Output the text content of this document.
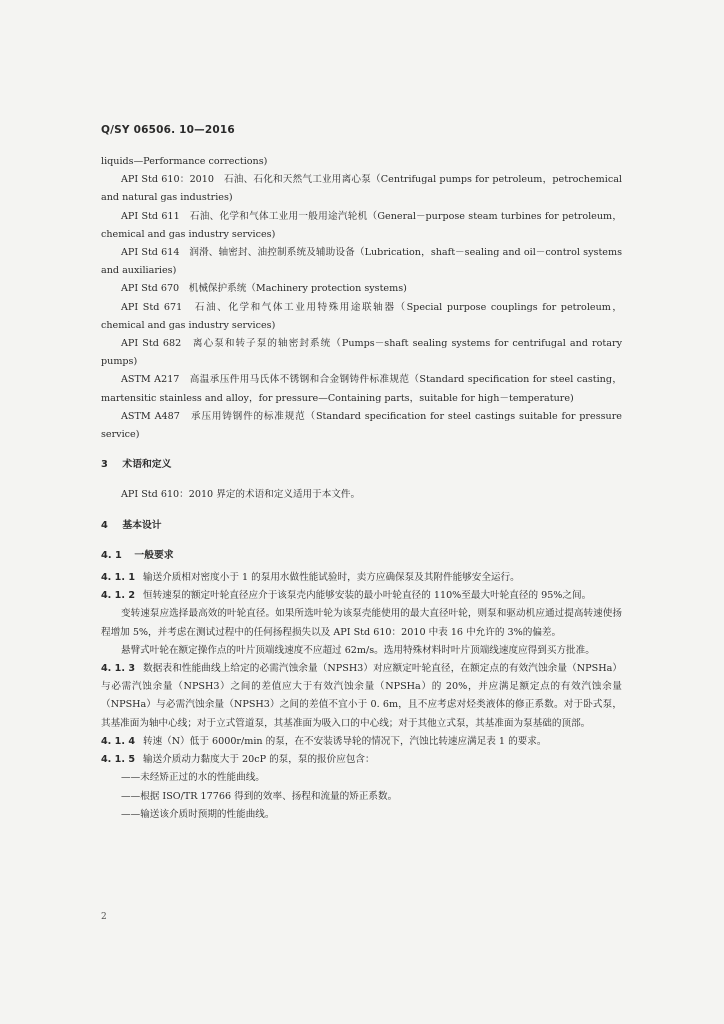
Q/SY 06506. 10—2016

liquids—Performance corrections)

API Std 610：2010　石油、石化和天然气工业用离心泵（Centrifugal pumps for petroleum，petrochemical and natural gas industries)

API Std 611　石油、化学和气体工业用一般用途汽轮机（General－purpose steam turbines for petroleum，chemical and gas industry services)

API Std 614　润滑、轴密封、油控制系统及辅助设备（Lubrication，shaft－sealing and oil－control systems and auxiliaries)

API Std 670　机械保护系统（Machinery protection systems)

API Std 671　石油、化学和气体工业用特殊用途联轴器（Special purpose couplings for petroleum，chemical and gas industry services)

API Std 682　离心泵和转子泵的轴密封系统（Pumps－shaft sealing systems for centrifugal and rotary pumps)

ASTM A217　高温承压件用马氏体不锈钢和合金钢铸件标准规范（Standard specification for steel casting，martensitic stainless and alloy，for pressure—Containing parts，suitable for high－temperature)

ASTM A487　承压用铸钢件的标准规范（Standard specification for steel castings suitable for pressure service)

3 术语和定义

API Std 610：2010 界定的术语和定义适用于本文件。

4 基本设计
4. 1 一般要求

4. 1. 1 输送介质相对密度小于 1 的泵用水做性能试验时，卖方应确保泵及其附件能够安全运行。

4. 1. 2 恒转速泵的额定叶轮直径应介于该泵壳内能够安装的最小叶轮直径的 110%至最大叶轮直径的 95%之间。

变转速泵应选择最高效的叶轮直径。如果所选叶轮为该泵壳能使用的最大直径叶轮，则泵和驱动机应通过提高转速使扬程增加 5%，并考虑在测试过程中的任何扬程损失以及 API Std 610：2010 中表 16 中允许的 3%的偏差。

悬臂式叶轮在额定操作点的叶片顶端线速度不应超过 62m/s。选用特殊材料时叶片顶端线速度应得到买方批准。

4. 1. 3 数据表和性能曲线上给定的必需汽蚀余量（NPSH3）对应额定叶轮直径，在额定点的有效汽蚀余量（NPSHa）与必需汽蚀余量（NPSH3）之间的差值应大于有效汽蚀余量（NPSHa）的 20%，并应满足额定点的有效汽蚀余量（NPSHa）与必需汽蚀余量（NPSH3）之间的差值不宜小于 0. 6m，且不应考虑对烃类液体的修正系数。对于卧式泵，其基准面为轴中心线；对于立式管道泵，其基准面为吸入口的中心线；对于其他立式泵，其基准面为泵基础的顶部。

4. 1. 4 转速（N）低于 6000r/min 的泵，在不安装诱导轮的情况下，汽蚀比转速应满足表 1 的要求。

4. 1. 5 输送介质动力黏度大于 20cP 的泵，泵的报价应包含：

——未经矫正过的水的性能曲线。

——根据 ISO/TR 17766 得到的效率、扬程和流量的矫正系数。

——输送该介质时预期的性能曲线。

2
